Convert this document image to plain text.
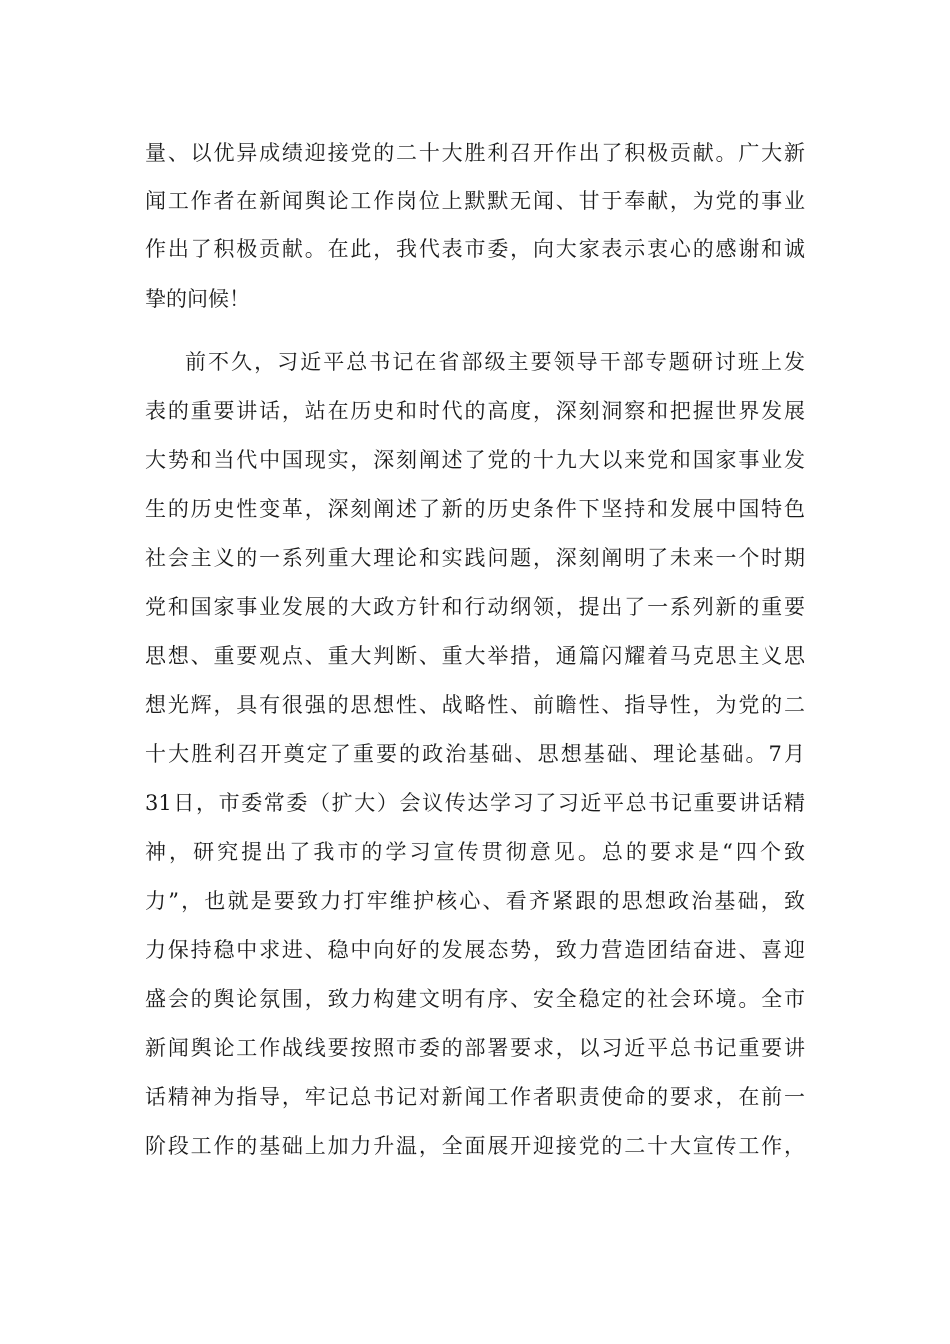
量、以优异成绩迎接党的二十大胜利召开作出了积极贡献。广大新
闻工作者在新闻舆论工作岗位上默默无闻、甘于奉献，为党的事业
作出了积极贡献。在此，我代表市委，向大家表示衷心的感谢和诚
挚的问候！
前不久，习近平总书记在省部级主要领导干部专题研讨班上发
表的重要讲话，站在历史和时代的高度，深刻洞察和把握世界发展
大势和当代中国现实，深刻阐述了党的十九大以来党和国家事业发
生的历史性变革，深刻阐述了新的历史条件下坚持和发展中国特色
社会主义的一系列重大理论和实践问题，深刻阐明了未来一个时期
党和国家事业发展的大政方针和行动纲领，提出了一系列新的重要
思想、重要观点、重大判断、重大举措，通篇闪耀着马克思主义思
想光辉，具有很强的思想性、战略性、前瞻性、指导性，为党的二
十大胜利召开奠定了重要的政治基础、思想基础、理论基础。7月
31日，市委常委（扩大）会议传达学习了习近平总书记重要讲话精
神，研究提出了我市的学习宣传贯彻意见。总的要求是“四个致
力”，也就是要致力打牢维护核心、看齐紧跟的思想政治基础，致
力保持稳中求进、稳中向好的发展态势，致力营造团结奋进、喜迎
盛会的舆论氛围，致力构建文明有序、安全稳定的社会环境。全市
新闻舆论工作战线要按照市委的部署要求，以习近平总书记重要讲
话精神为指导，牢记总书记对新闻工作者职责使命的要求，在前一
阶段工作的基础上加力升温，全面展开迎接党的二十大宣传工作，
